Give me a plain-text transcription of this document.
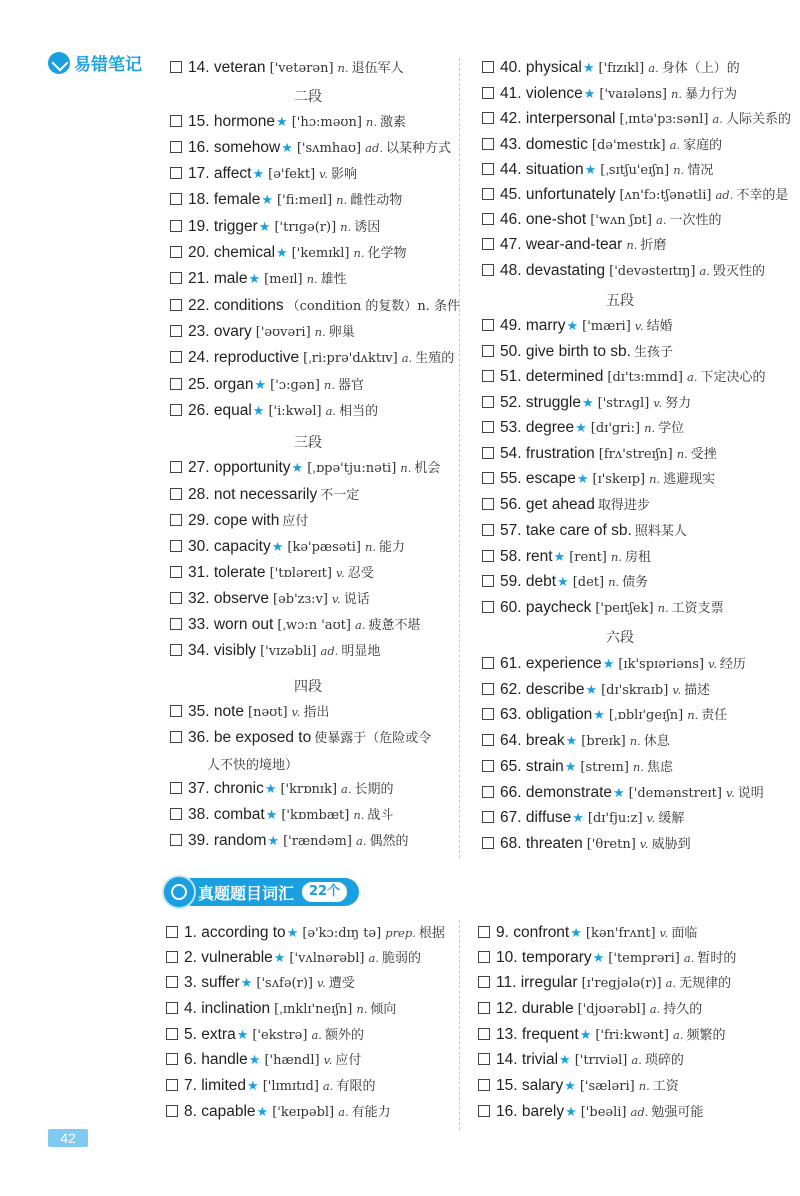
易错笔记
二段
三段
四段
五段
六段
14. veteran ['vetərən] n. 退伍军人
15. hormone★ ['hɔ:məʊn] n. 激素
16. somehow★ ['sʌmhaʊ] ad. 以某种方式
17. affect★ [ə'fekt] v. 影响
18. female★ ['fi:meɪl] n. 雌性动物
19. trigger★ ['trɪgə(r)] n. 诱因
20. chemical★ ['kemɪkl] n. 化学物
21. male★ [meɪl] n. 雄性
22. conditions （condition 的复数）n. 条件
23. ovary ['əʊvəri] n. 卵巢
24. reproductive [ˌri:prə'dʌktɪv] a. 生殖的
25. organ★ ['ɔ:gən] n. 器官
26. equal★ ['i:kwəl] a. 相当的
27. opportunity★ [ˌɒpə'tju:nəti] n. 机会
28. not necessarily 不一定
29. cope with 应付
30. capacity★ [kə'pæsəti] n. 能力
31. tolerate ['tɒləreɪt] v. 忍受
32. observe [əb'zɜ:v] v. 说话
33. worn out [ˌwɔ:n 'aʊt] a. 疲惫不堪
34. visibly ['vɪzəbli] ad. 明显地
35. note [nəʊt] v. 指出
36. be exposed to 使暴露于（危险或令
37. chronic★ ['krɒnɪk] a. 长期的
38. combat★ ['kɒmbæt] n. 战斗
39. random★ ['rændəm] a. 偶然的
40. physical★ ['fɪzɪkl] a. 身体（上）的
41. violence★ ['vaɪələns] n. 暴力行为
42. interpersonal [ˌɪntə'pɜ:sənl] a. 人际关系的
43. domestic [də'mestɪk] a. 家庭的
44. situation★ [ˌsɪtʃu'eɪʃn] n. 情况
45. unfortunately [ʌn'fɔ:tʃənətli] ad. 不幸的是
46. one-shot ['wʌn ʃɒt] a. 一次性的
47. wear-and-tear n. 折磨
48. devastating ['devəsteɪtɪŋ] a. 毁灭性的
49. marry★ ['mæri] v. 结婚
50. give birth to sb. 生孩子
51. determined [dɪ'tɜ:mɪnd] a. 下定决心的
52. struggle★ ['strʌgl] v. 努力
53. degree★ [dɪ'gri:] n. 学位
54. frustration [frʌ'streɪʃn] n. 受挫
55. escape★ [ɪ'skeɪp] n. 逃避现实
56. get ahead 取得进步
57. take care of sb. 照料某人
58. rent★ [rent] n. 房租
59. debt★ [det] n. 债务
60. paycheck ['peɪtʃek] n. 工资支票
61. experience★ [ɪk'spɪəriəns] v. 经历
62. describe★ [dɪ'skraɪb] v. 描述
63. obligation★ [ˌɒblɪ'geɪʃn] n. 责任
64. break★ [breɪk] n. 休息
65. strain★ [streɪn] n. 焦虑
66. demonstrate★ ['demənstreɪt] v. 说明
67. diffuse★ [dɪ'fju:z] v. 缓解
68. threaten ['θretn] v. 威胁到
人不快的境地）
真题题目词汇	22个
1. according to★ [ə'kɔ:dɪŋ tə] prep. 根据
2. vulnerable★ ['vʌlnərəbl] a. 脆弱的
3. suffer★ ['sʌfə(r)] v. 遭受
4. inclination [ˌɪnklɪ'neɪʃn] n. 倾向
5. extra★ ['ekstrə] a. 额外的
6. handle★ ['hændl] v. 应付
7. limited★ ['lɪmɪtɪd] a. 有限的
8. capable★ ['keɪpəbl] a. 有能力
9. confront★ [kən'frʌnt] v. 面临
10. temporary★ ['temprəri] a. 暂时的
11. irregular [ɪ'regjələ(r)] a. 无规律的
12. durable ['djʊərəbl] a. 持久的
13. frequent★ ['fri:kwənt] a. 频繁的
14. trivial★ ['trɪviəl] a. 琐碎的
15. salary★ ['sæləri] n. 工资
16. barely★ ['beəli] ad. 勉强可能
42
